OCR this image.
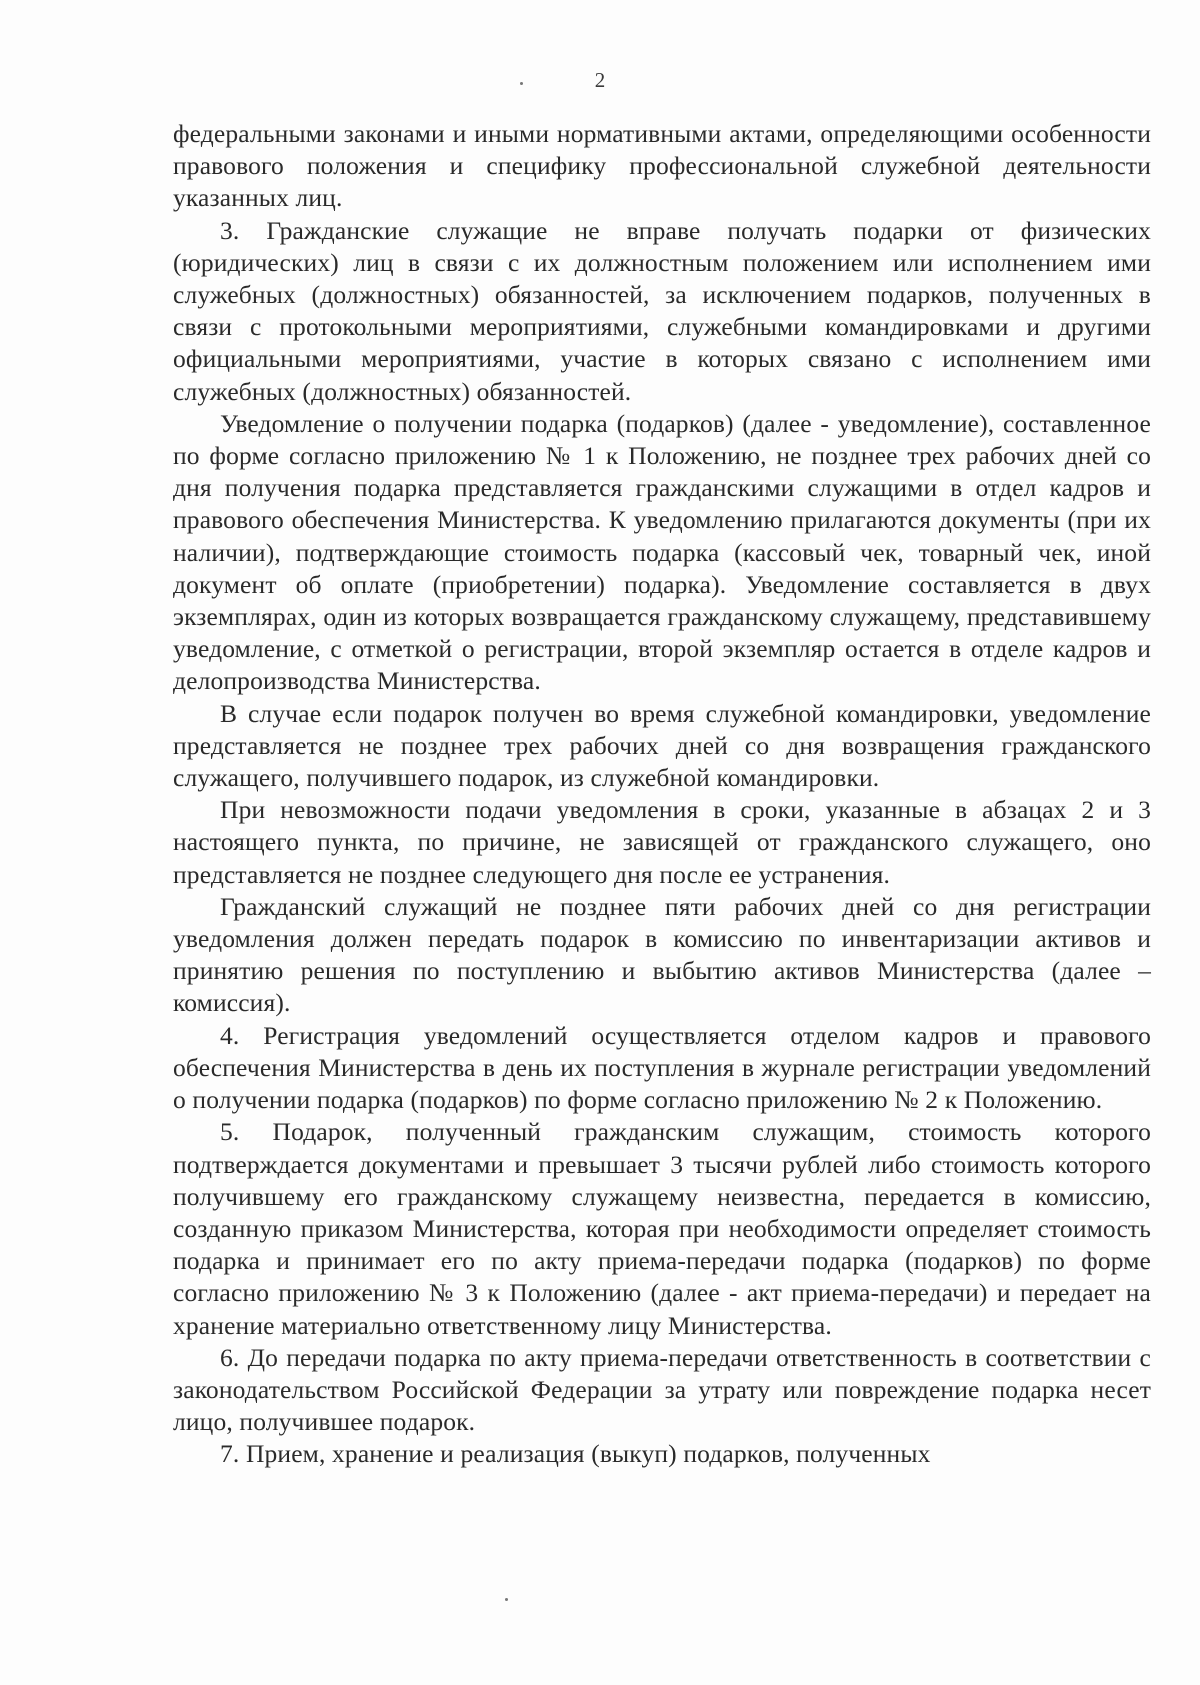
2

федеральными законами и иными нормативными актами, определяющими особенности правового положения и специфику профессиональной служебной деятельности указанных лиц.

3. Гражданские служащие не вправе получать подарки от физических (юридических) лиц в связи с их должностным положением или исполнением ими служебных (должностных) обязанностей, за исключением подарков, полученных в связи с протокольными мероприятиями, служебными командировками и другими официальными мероприятиями, участие в которых связано с исполнением ими служебных (должностных) обязанностей.

Уведомление о получении подарка (подарков) (далее - уведомление), составленное по форме согласно приложению № 1 к Положению, не позднее трех рабочих дней со дня получения подарка представляется гражданскими служащими в отдел кадров и правового обеспечения Министерства. К уведомлению прилагаются документы (при их наличии), подтверждающие стоимость подарка (кассовый чек, товарный чек, иной документ об оплате (приобретении) подарка). Уведомление составляется в двух экземплярах, один из которых возвращается гражданскому служащему, представившему уведомление, с отметкой о регистрации, второй экземпляр остается в отделе кадров и делопроизводства Министерства.

В случае если подарок получен во время служебной командировки, уведомление представляется не позднее трех рабочих дней со дня возвращения гражданского служащего, получившего подарок, из служебной командировки.

При невозможности подачи уведомления в сроки, указанные в абзацах 2 и 3 настоящего пункта, по причине, не зависящей от гражданского служащего, оно представляется не позднее следующего дня после ее устранения.

Гражданский служащий не позднее пяти рабочих дней со дня регистрации уведомления должен передать подарок в комиссию по инвентаризации активов и принятию решения по поступлению и выбытию активов Министерства (далее – комиссия).

4. Регистрация уведомлений осуществляется отделом кадров и правового обеспечения Министерства в день их поступления в журнале регистрации уведомлений о получении подарка (подарков) по форме согласно приложению № 2 к Положению.

5. Подарок, полученный гражданским служащим, стоимость которого подтверждается документами и превышает 3 тысячи рублей либо стоимость которого получившему его гражданскому служащему неизвестна, передается в комиссию, созданную приказом Министерства, которая при необходимости определяет стоимость подарка и принимает его по акту приема-передачи подарка (подарков) по форме согласно приложению № 3 к Положению (далее - акт приема-передачи) и передает на хранение материально ответственному лицу Министерства.

6. До передачи подарка по акту приема-передачи ответственность в соответствии с законодательством Российской Федерации за утрату или повреждение подарка несет лицо, получившее подарок.

7. Прием, хранение и реализация (выкуп) подарков, полученных
